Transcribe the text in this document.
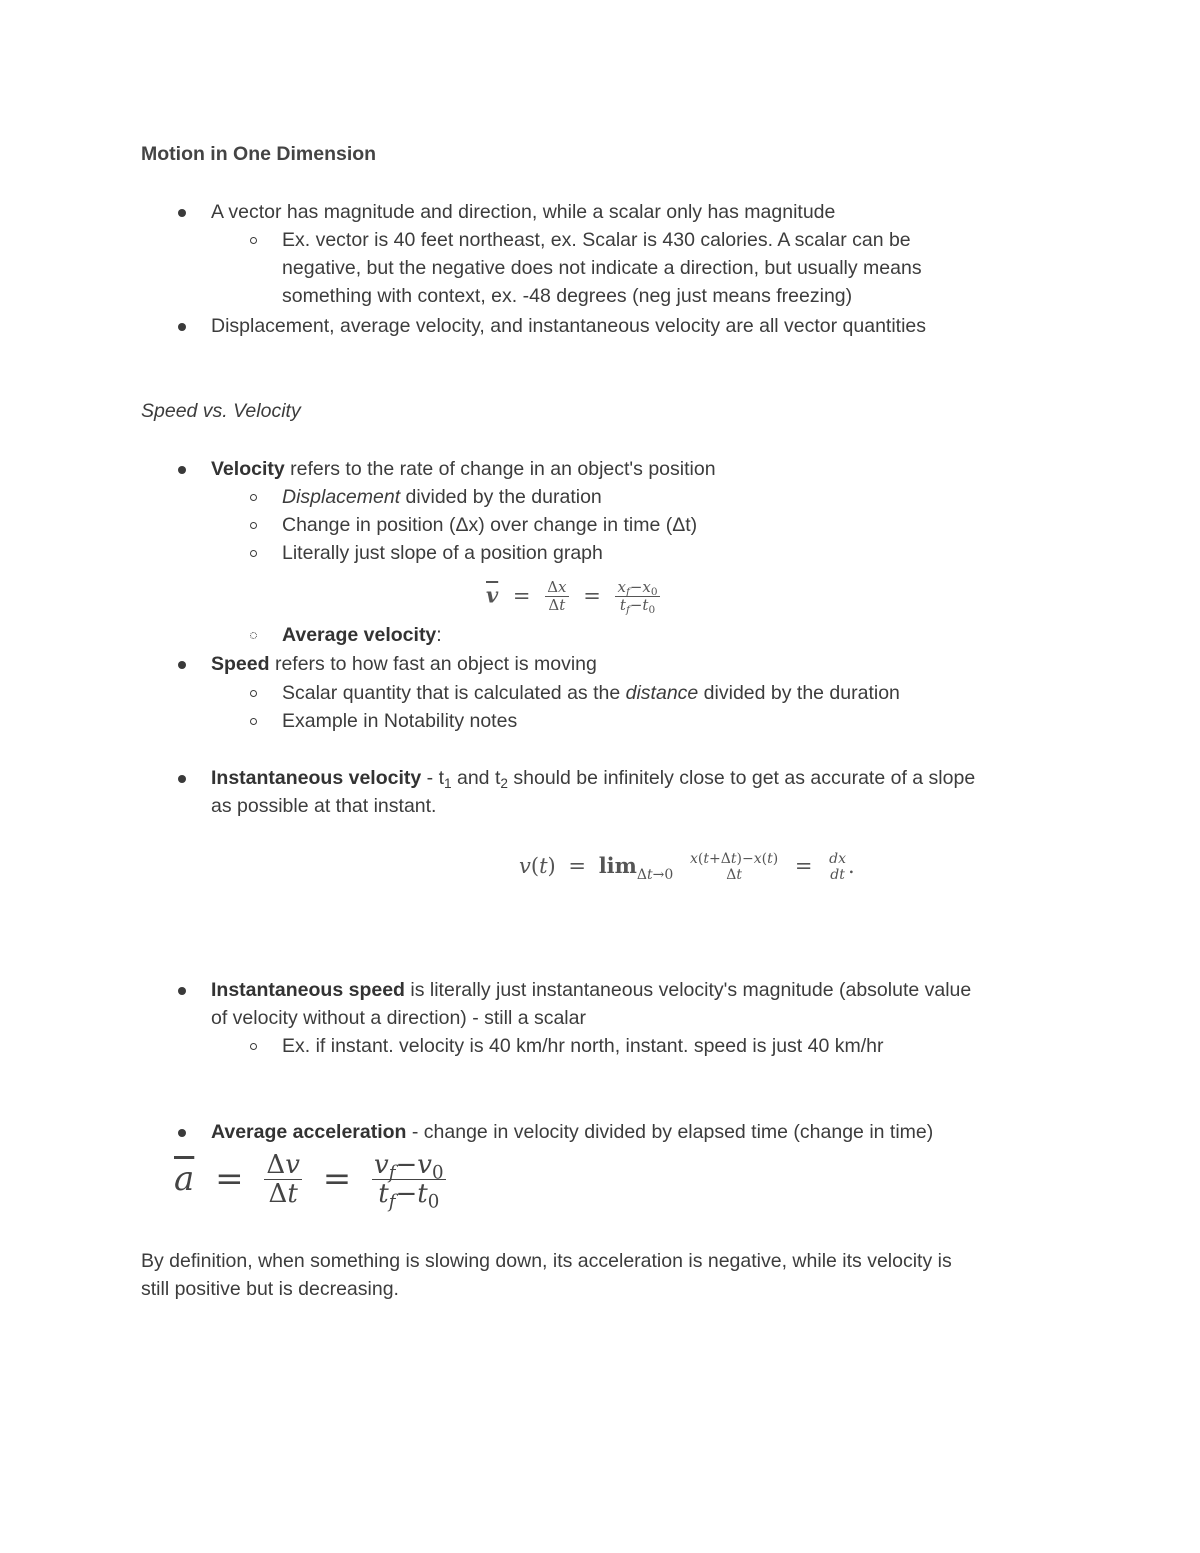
Motion in One Dimension
A vector has magnitude and direction, while a scalar only has magnitude
Ex. vector is 40 feet northeast, ex. Scalar is 430 calories. A scalar can be
negative, but the negative does not indicate a direction, but usually means
something with context, ex. -48 degrees (neg just means freezing)
Displacement, average velocity, and instantaneous velocity are all vector quantities
Speed vs. Velocity
Velocity refers to the rate of change in an object's position
Displacement divided by the duration
Change in position (Δx) over change in time (Δt)
Literally just slope of a position graph
$\overline{v} = \frac{\Delta x}{\Delta t} = \frac{x_f-x_0}{t_f-t_0}$
Average velocity:
Speed refers to how fast an object is moving
Scalar quantity that is calculated as the distance divided by the duration
Example in Notability notes
Instantaneous velocity - $t_1$ and $t_2$ should be infinitely close to get as accurate of a slope
as possible at that instant.
$v(t) = \lim_{\Delta t\to 0}$
x(t+Δt)−x(t)
Δt	= dx
dt .
Instantaneous speed is literally just instantaneous velocity's magnitude (absolute value
of velocity without a direction) - still a scalar
Ex. if instant. velocity is 40 km/hr north, instant. speed is just 40 km/hr
Average acceleration - change in velocity divided by elapsed time (change in time)
$\overline{a} = \frac{\Delta v}{\Delta t} = \frac{v_f-v_0}{t_f-t_0}$
By definition, when something is slowing down, its acceleration is negative, while its velocity is
still positive but is decreasing.
